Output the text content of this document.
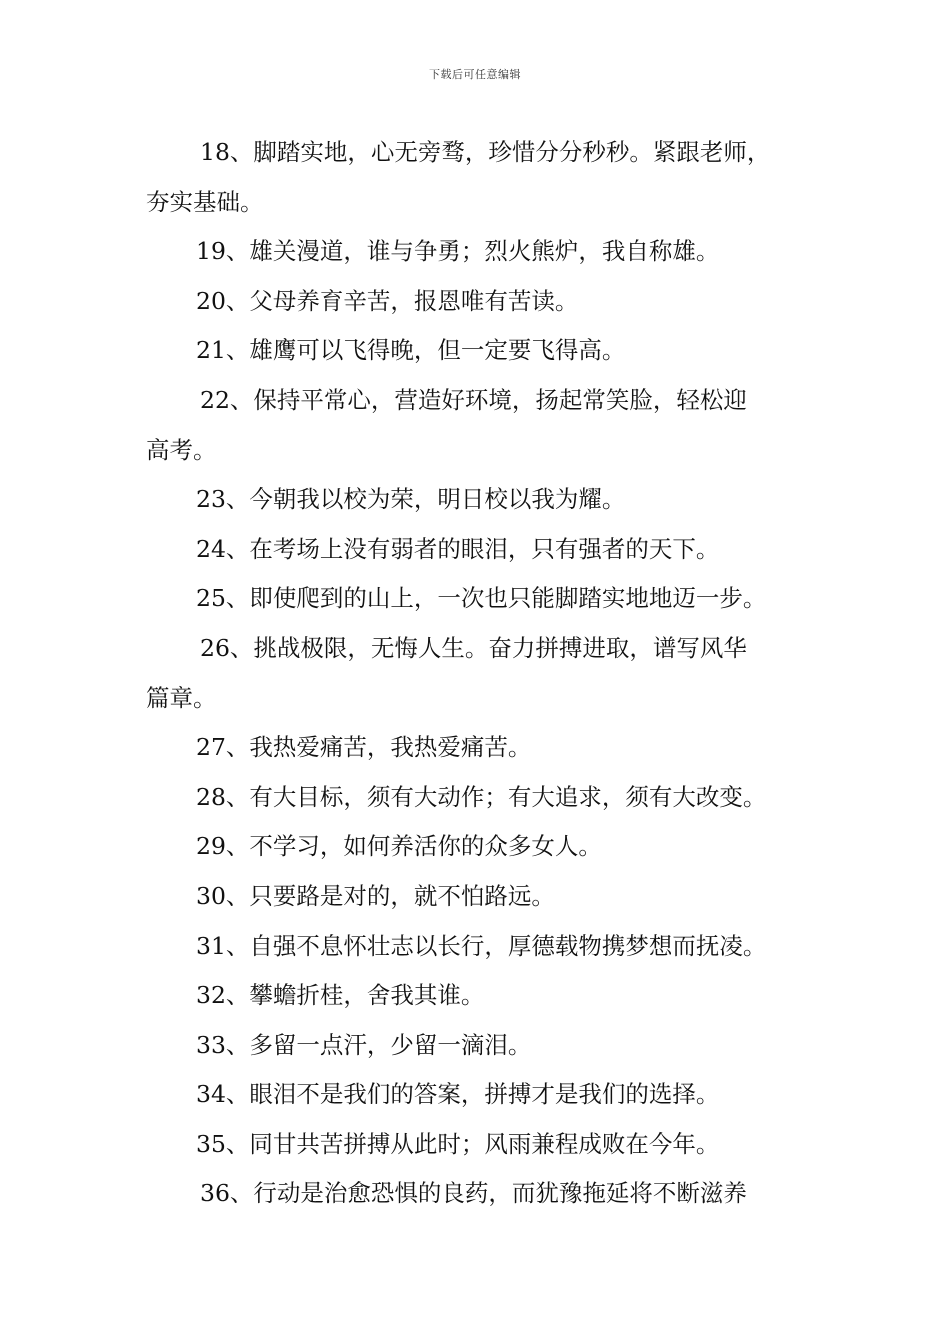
下载后可任意编辑

18、脚踏实地，心无旁骛，珍惜分分秒秒。紧跟老师，
夯实基础。

19、雄关漫道，谁与争勇；烈火熊炉，我自称雄。

20、父母养育辛苦，报恩唯有苦读。

21、雄鹰可以飞得晚，但一定要飞得高。

22、保持平常心，营造好环境，扬起常笑脸，轻松迎
高考。

23、今朝我以校为荣，明日校以我为耀。

24、在考场上没有弱者的眼泪，只有强者的天下。

25、即使爬到的山上，一次也只能脚踏实地地迈一步。

26、挑战极限，无悔人生。奋力拼搏进取，谱写风华
篇章。

27、我热爱痛苦，我热爱痛苦。

28、有大目标，须有大动作；有大追求，须有大改变。

29、不学习，如何养活你的众多女人。

30、只要路是对的，就不怕路远。

31、自强不息怀壮志以长行，厚德载物携梦想而抚凌。

32、攀蟾折桂，舍我其谁。

33、多留一点汗，少留一滴泪。

34、眼泪不是我们的答案，拼搏才是我们的选择。

35、同甘共苦拼搏从此时；风雨兼程成败在今年。

36、行动是治愈恐惧的良药，而犹豫拖延将不断滋养
